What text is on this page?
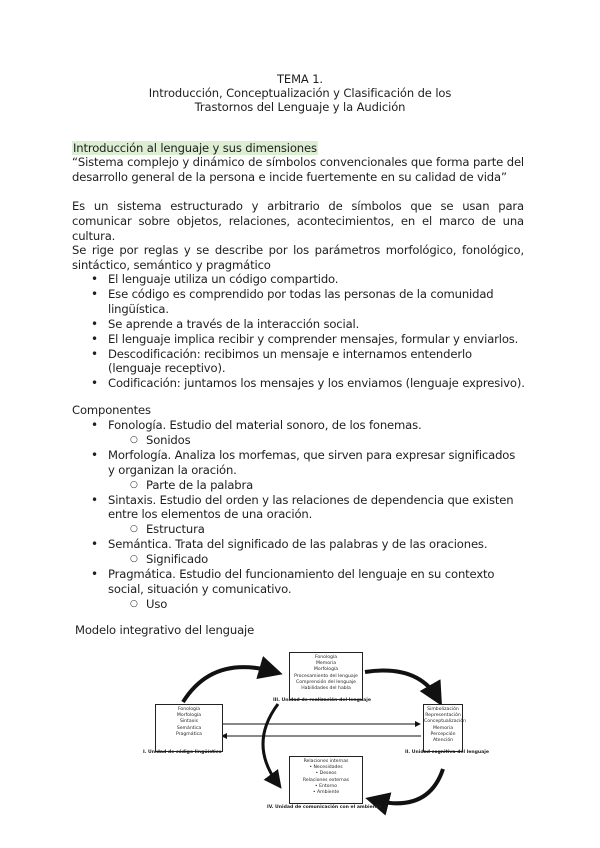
TEMA 1.
Introducción, Conceptualización y Clasificación de los
Trastornos del Lenguaje y la Audición
Introducción al lenguaje y sus dimensiones
“Sistema complejo y dinámico de símbolos convencionales que forma parte del
desarrollo general de la persona e incide fuertemente en su calidad de vida”
Es un sistema estructurado y arbitrario de símbolos que se usan para
comunicar sobre objetos, relaciones, acontecimientos, en el marco de una
cultura.
Se rige por reglas y se describe por los parámetros morfológico, fonológico,
sintáctico, semántico y pragmático
• El lenguaje utiliza un código compartido.
• Ese código es comprendido por todas las personas de la comunidad
lingüística.
• Se aprende a través de la interacción social.
• El lenguaje implica recibir y comprender mensajes, formular y enviarlos.
• Descodificación: recibimos un mensaje e internamos entenderlo
(lenguaje receptivo).
• Codificación: juntamos los mensajes y los enviamos (lenguaje expresivo).
Componentes
• Fonología. Estudio del material sonoro, de los fonemas.
○ Sonidos
• Morfología. Analiza los morfemas, que sirven para expresar significados
y organizan la oración.
○ Parte de la palabra
• Sintaxis. Estudio del orden y las relaciones de dependencia que existen
entre los elementos de una oración.
○ Estructura
• Semántica. Trata del significado de las palabras y de las oraciones.
○ Significado
• Pragmática. Estudio del funcionamiento del lenguaje en su contexto
social, situación y comunicativo.
○ Uso
Modelo integrativo del lenguaje
Fonología
Memoria
Morfología
Procesamiento del lenguaje
Comprensión del lenguaje
Habilidades del habla
III. Unidad de realización del lenguaje
Fonología
Morfología
Sintaxis
Semántica
Pragmática
I. Unidad de código lingüístico
Simbolización
Representación
Conceptualización
Memoria
Percepción
Atención
II. Unidad cognitiva del lenguaje
Relaciones internas
• Necesidades
• Deseos
Relaciones externas
• Entorno
• Ambiente
IV. Unidad de comunicación con el ambiente
